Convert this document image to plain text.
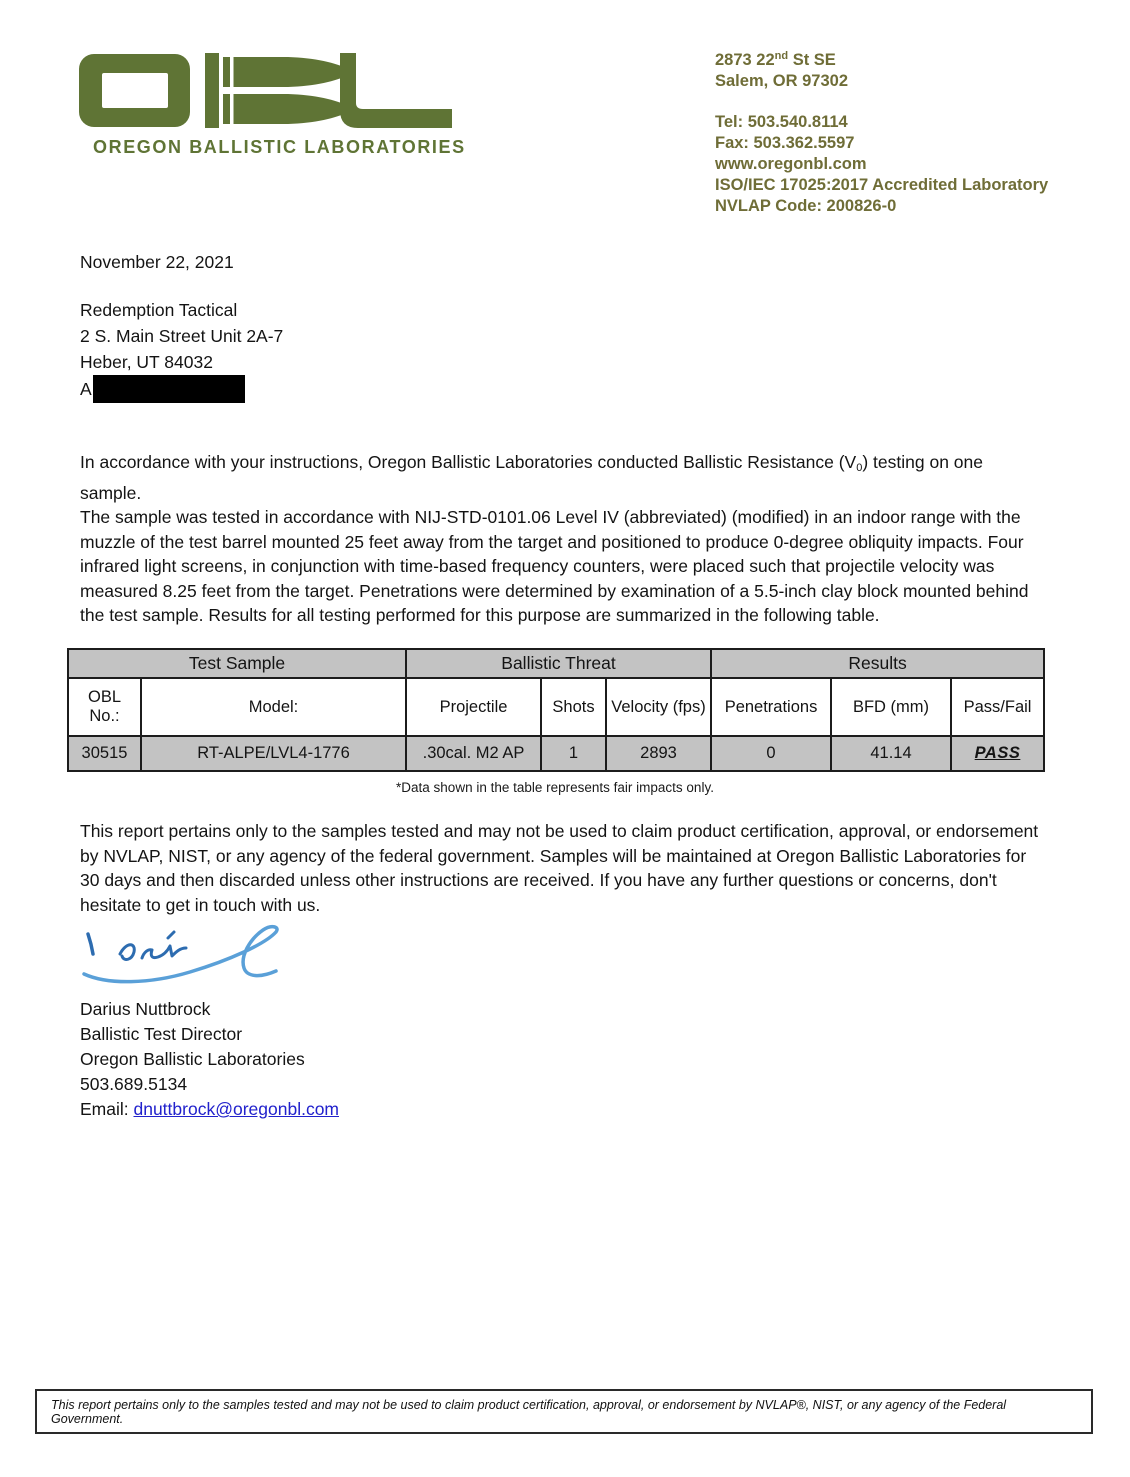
OREGON BALLISTIC LABORATORIES
2873 22nd St SE
Salem, OR 97302
Tel: 503.540.8114
Fax: 503.362.5597
www.oregonbl.com
ISO/IEC 17025:2017 Accredited Laboratory
NVLAP Code: 200826-0
November 22, 2021
Redemption Tactical
2 S. Main Street Unit 2A-7
Heber, UT 84032
A

In accordance with your instructions, Oregon Ballistic Laboratories conducted Ballistic Resistance $(V_0)$ testing on one sample.

The sample was tested in accordance with NIJ-STD-0101.06 Level IV (abbreviated) (modified) in an indoor range with the muzzle of the test barrel mounted 25 feet away from the target and positioned to produce 0-degree obliquity impacts. Four infrared light screens, in conjunction with time-based frequency counters, were placed such that projectile velocity was measured 8.25 feet from the target. Penetrations were determined by examination of a 5.5-inch clay block mounted behind the test sample. Results for all testing performed for this purpose are summarized in the following table.

Test Sample		Ballistic Threat			Results		
OBL No.:	Model:	Projectile	Shots	Velocity (fps)	Penetrations	BFD (mm)	Pass/Fail
30515	RT-ALPE/LVL4-1776	.30cal. M2 AP	1	2893	0	41.14	PASS
*Data shown in the table represents fair impacts only.
This report pertains only to the samples tested and may not be used to claim product certification, approval, or endorsement by NVLAP, NIST, or any agency of the federal government. Samples will be maintained at Oregon Ballistic Laboratories for 30 days and then discarded unless other instructions are received. If you have any further questions or concerns, don't hesitate to get in touch with us.
Darius Nuttbrock
Ballistic Test Director
Oregon Ballistic Laboratories
503.689.5134
Email: dnuttbrock@oregonbl.com
This report pertains only to the samples tested and may not be used to claim product certification, approval, or endorsement by NVLAP®, NIST, or any agency of the Federal Government.
